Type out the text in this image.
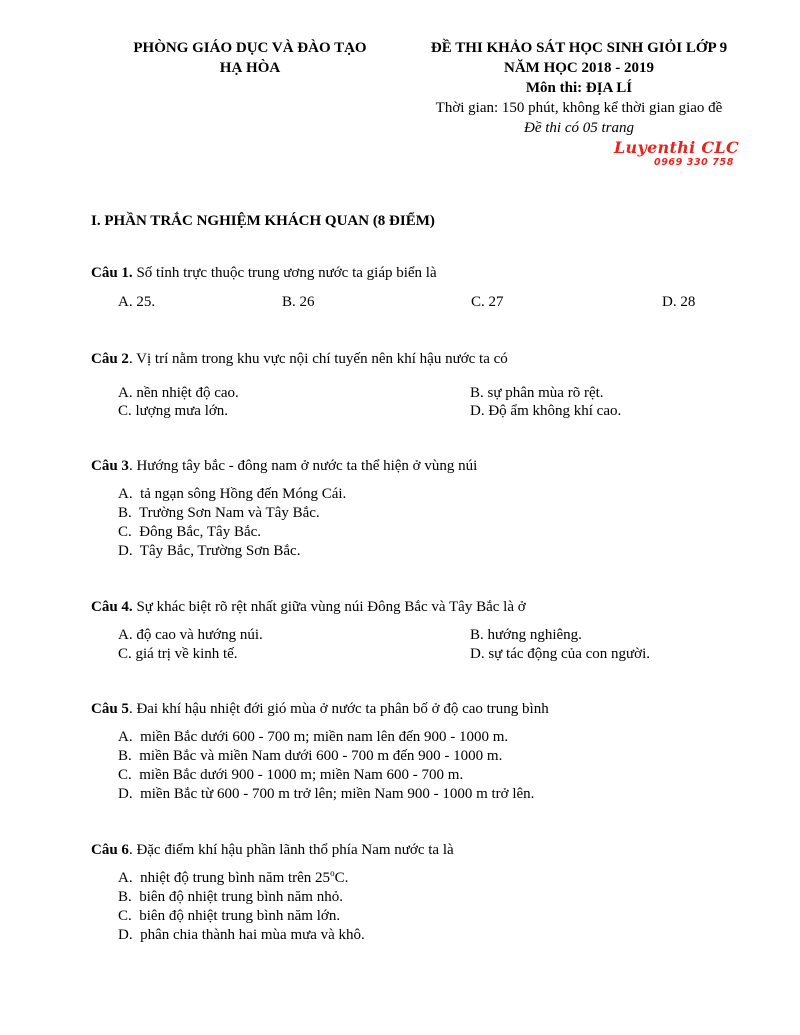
PHÒNG GIÁO DỤC VÀ ĐÀO TẠO
HẠ HÒA
ĐỀ THI KHẢO SÁT HỌC SINH GIỎI LỚP 9
NĂM HỌC 2018 - 2019
Môn thi: ĐỊA LÍ
Thời gian: 150 phút, không kể thời gian giao đề
Đề thi có 05 trang
Luyenthi CLC
0969 330 758
I. PHẦN TRẮC NGHIỆM KHÁCH QUAN (8 ĐIỂM)
Câu 1. Số tỉnh trực thuộc trung ương nước ta giáp biển là
A. 25.	B. 26	C. 27	D. 28
Câu 2. Vị trí nằm trong khu vực nội chí tuyến nên khí hậu nước ta có
A. nền nhiệt độ cao.	B. sự phân mùa rõ rệt.
C. lượng mưa lớn.	D. Độ ẩm không khí cao.
Câu 3. Hướng tây bắc - đông nam ở nước ta thể hiện ở vùng núi
A.  tả ngạn sông Hồng đến Móng Cái.
B.  Trường Sơn Nam và Tây Bắc.
C.  Đông Bắc, Tây Bắc.
D.  Tây Bắc, Trường Sơn Bắc.
Câu 4. Sự khác biệt rõ rệt nhất giữa vùng núi Đông Bắc và Tây Bắc là ở
A. độ cao và hướng núi.	B. hướng nghiêng.
C. giá trị về kinh tế.	D. sự tác động của con người.
Câu 5. Đai khí hậu nhiệt đới gió mùa ở nước ta phân bố ở độ cao trung bình
A.  miền Bắc dưới 600 - 700 m; miền nam lên đến 900 - 1000 m.
B.  miền Bắc và miền Nam dưới 600 - 700 m đến 900 - 1000 m.
C.  miền Bắc dưới 900 - 1000 m; miền Nam 600 - 700 m.
D.  miền Bắc từ 600 - 700 m trở lên; miền Nam 900 - 1000 m trở lên.
Câu 6. Đặc điểm khí hậu phần lãnh thổ phía Nam nước ta là
A.  nhiệt độ trung bình năm trên 25$^o$C.
B.  biên độ nhiệt trung bình năm nhỏ.
C.  biên độ nhiệt trung bình năm lớn.
D.  phân chia thành hai mùa mưa và khô.
